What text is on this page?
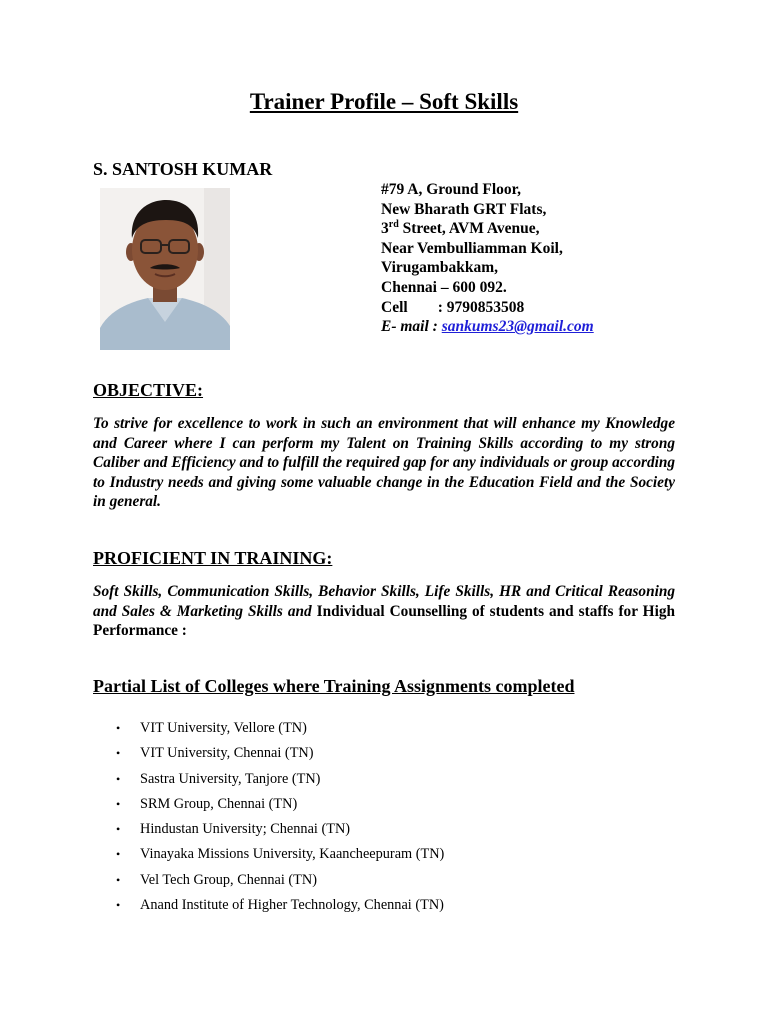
Trainer Profile – Soft Skills
S. SANTOSH KUMAR
#79 A, Ground Floor,
New Bharath GRT Flats,
3rd Street, AVM Avenue,
Near Vembulliamman Koil,
Virugambakkam,
Chennai – 600 092.
Cell : 9790853508
E- mail : sankums23@gmail.com
OBJECTIVE:
To strive for excellence to work in such an environment that will enhance my Knowledge and Career where I can perform my Talent on Training Skills according to my strong Caliber and Efficiency and to fulfill the required gap for any individuals or group according to Industry needs and giving some valuable change in the Education Field and the Society in general.
PROFICIENT IN TRAINING:
Soft Skills, Communication Skills, Behavior Skills, Life Skills, HR and Critical Reasoning and Sales & Marketing Skills and Individual Counselling of students and staffs for High Performance :
Partial List of Colleges where Training Assignments completed
• VIT University, Vellore (TN)
• VIT University, Chennai (TN)
• Sastra University, Tanjore (TN)
• SRM Group, Chennai (TN)
• Hindustan University; Chennai (TN)
• Vinayaka Missions University, Kaancheepuram (TN)
• Vel Tech Group, Chennai (TN)
• Anand Institute of Higher Technology, Chennai (TN)
